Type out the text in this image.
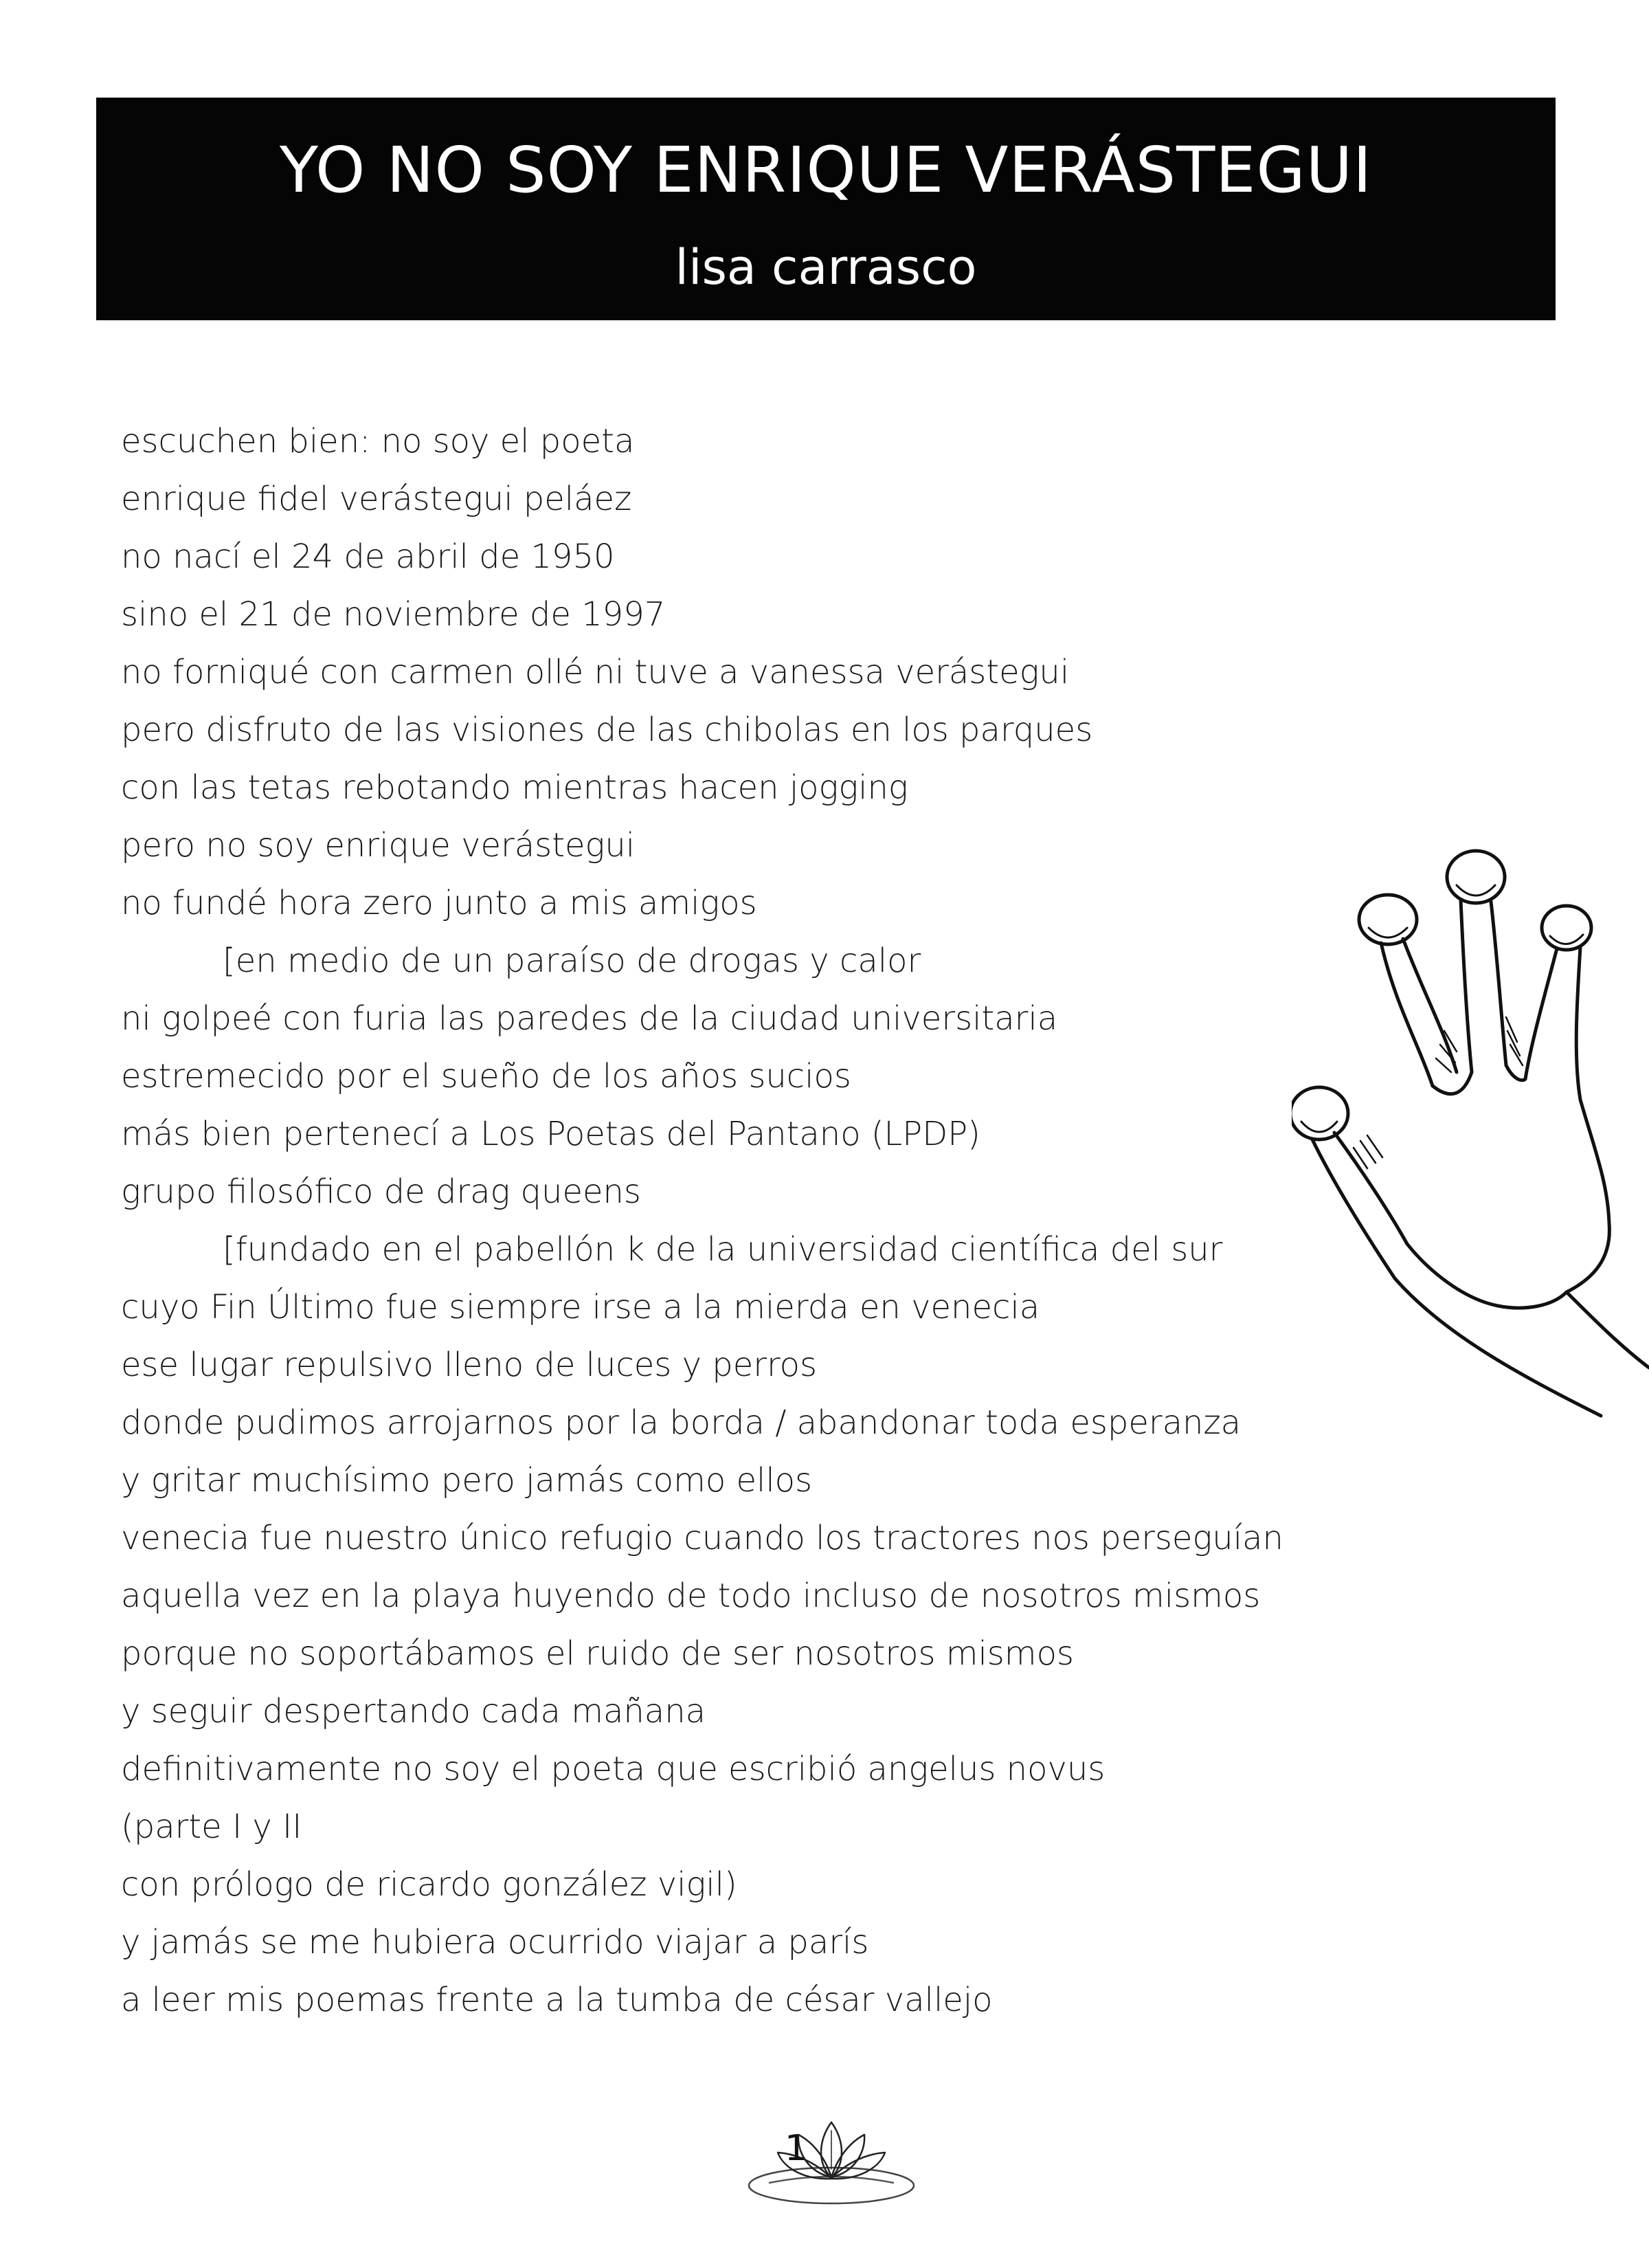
YO NO SOY ENRIQUE VERÁSTEGUI
lisa carrasco
escuchen bien: no soy el poeta
enrique fidel verástegui peláez
no nací el 24 de abril de 1950
sino el 21 de noviembre de 1997
no forniqué con carmen ollé ni tuve a vanessa verástegui
pero disfruto de las visiones de las chibolas en los parques
con las tetas rebotando mientras hacen jogging
pero no soy enrique verástegui
no fundé hora zero junto a mis amigos
[en medio de un paraíso de drogas y calor
ni golpeé con furia las paredes de la ciudad universitaria
estremecido por el sueño de los años sucios
más bien pertenecí a Los Poetas del Pantano (LPDP)
grupo filosófico de drag queens
[fundado en el pabellón k de la universidad científica del sur
cuyo Fin Último fue siempre irse a la mierda en venecia
ese lugar repulsivo lleno de luces y perros
donde pudimos arrojarnos por la borda / abandonar toda esperanza
y gritar muchísimo pero jamás como ellos
venecia fue nuestro único refugio cuando los tractores nos perseguían
aquella vez en la playa huyendo de todo incluso de nosotros mismos
porque no soportábamos el ruido de ser nosotros mismos
y seguir despertando cada mañana
definitivamente no soy el poeta que escribió angelus novus
(parte I y II
con prólogo de ricardo gonzález vigil)
y jamás se me hubiera ocurrido viajar a parís
a leer mis poemas frente a la tumba de césar vallejo
1
